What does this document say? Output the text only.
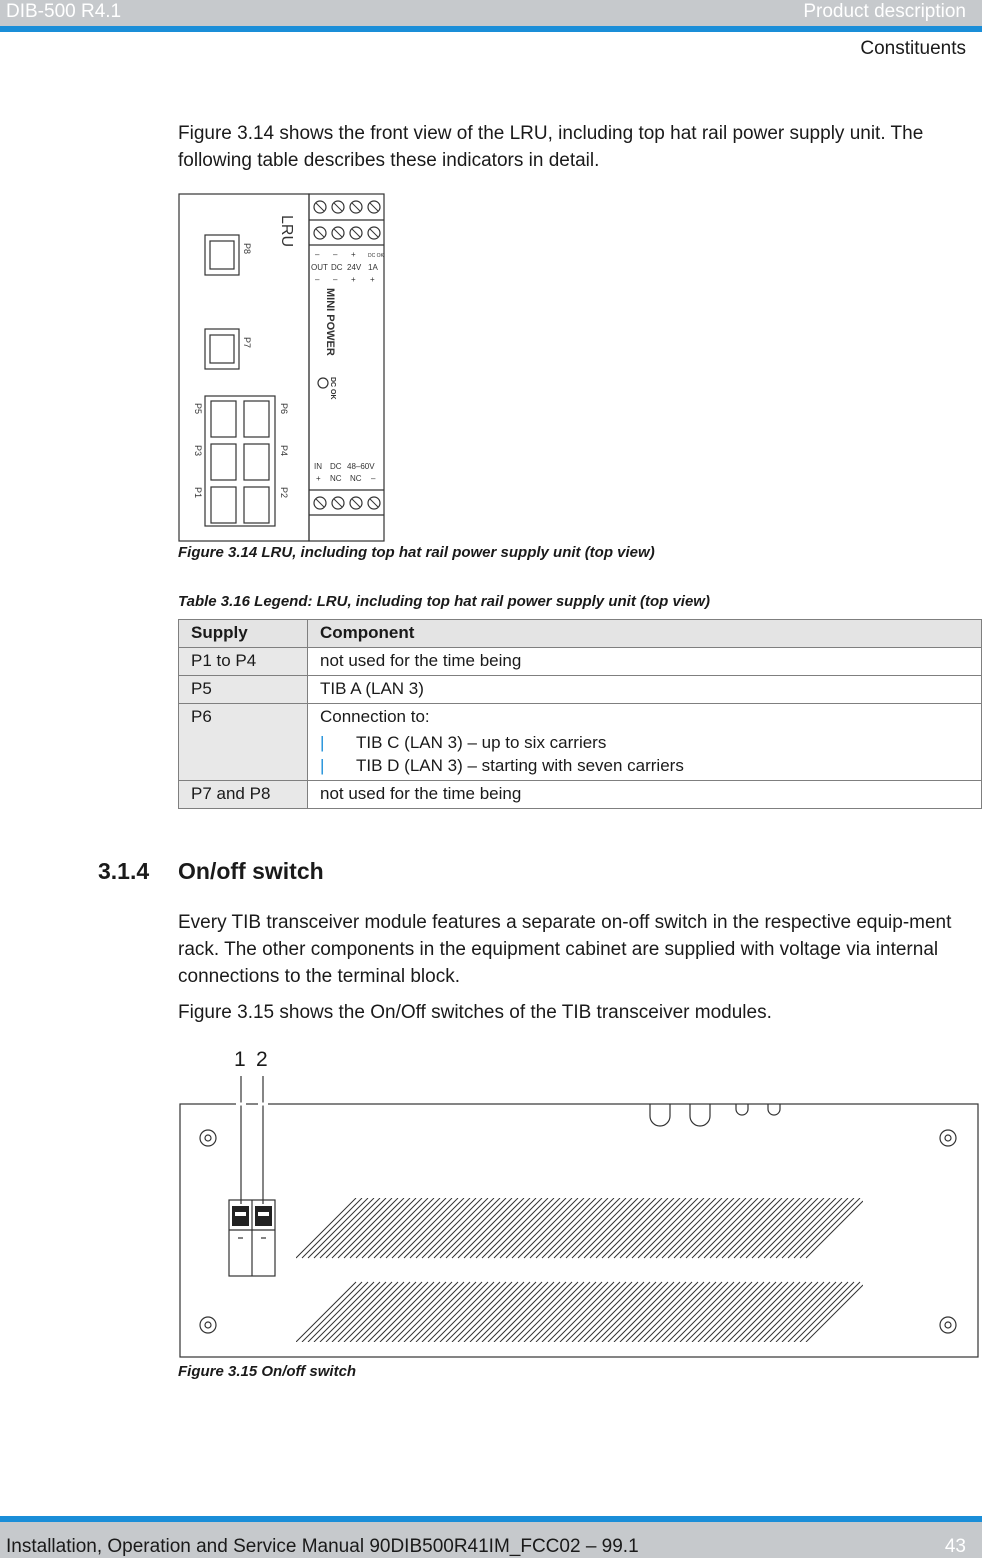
DIB-500 R4.1	Product description
Constituents

Figure 3.14 shows the front view of the LRU, including top hat rail power supply unit. The following table describes these indicators in detail.

LRU
P8
P7
P6
P5
P4
P3
P2
P1
MINI POWER
DC OK
– – + DC OK
OUT DC 24V 1A
– – + +
IN DC 48–60V
+ NC NC –
Figure 3.14 LRU, including top hat rail power supply unit (top view)
Table 3.16 Legend: LRU, including top hat rail power supply unit (top view)
Supply	Component
P1 to P4	not used for the time being
P5	TIB A (LAN 3)
P6	Connection to:
| TIB C (LAN 3) – up to six carriers
| TIB D (LAN 3) – starting with seven carriers

P7 and P8	not used for the time being
3.1.4 On/off switch

Every TIB transceiver module features a separate on-off switch in the respective equip-ment rack. The other components in the equipment cabinet are supplied with voltage via internal connections to the terminal block.

Figure 3.15 shows the On/Off switches of the TIB transceiver modules.

1 2
Figure 3.15 On/off switch
Installation, Operation and Service Manual 90DIB500R41IM_FCC02 – 99.1	43
